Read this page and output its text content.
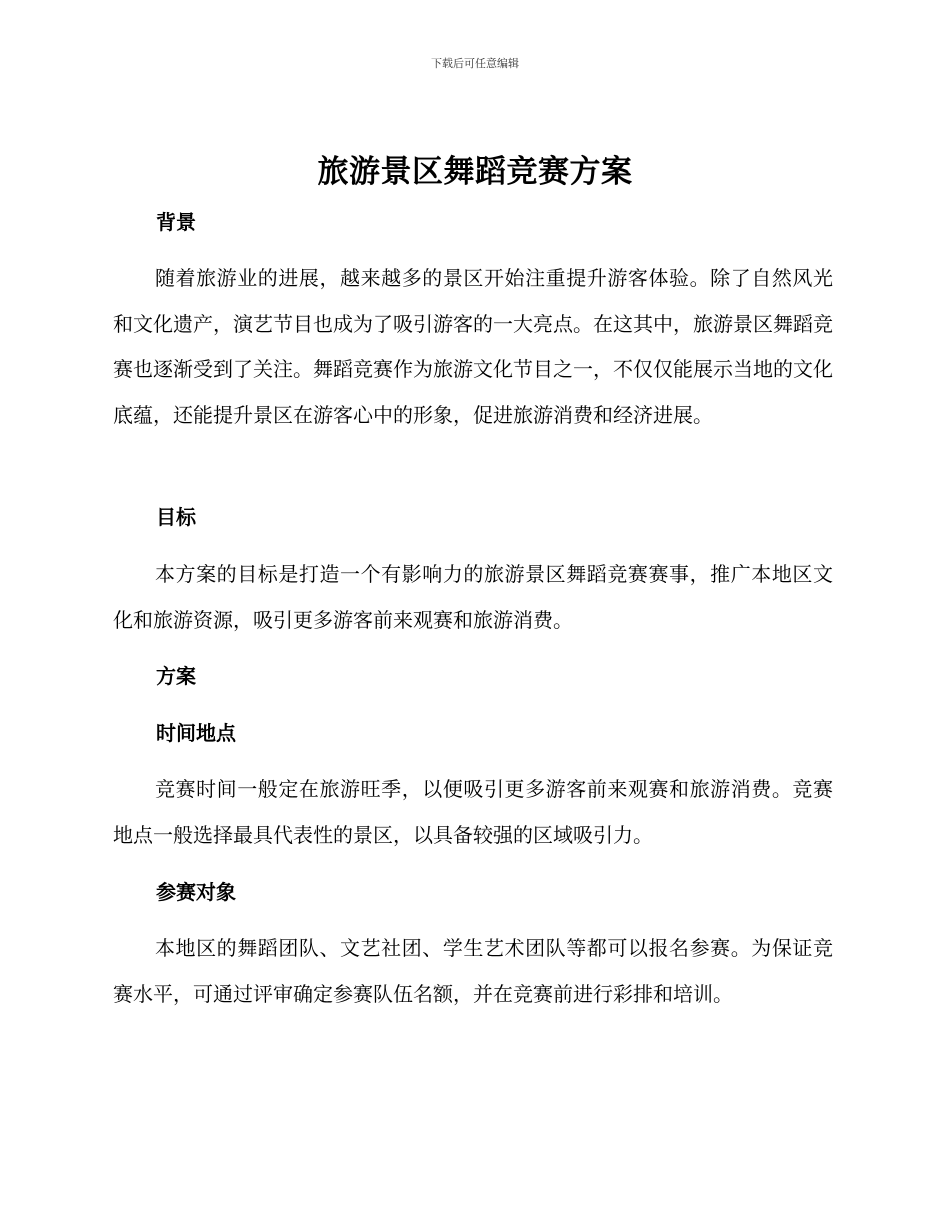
下载后可任意编辑
旅游景区舞蹈竞赛方案
背景

随着旅游业的进展，越来越多的景区开始注重提升游客体验。除了自然风光和文化遗产，演艺节目也成为了吸引游客的一大亮点。在这其中，旅游景区舞蹈竞赛也逐渐受到了关注。舞蹈竞赛作为旅游文化节目之一，不仅仅能展示当地的文化底蕴，还能提升景区在游客心中的形象，促进旅游消费和经济进展。

目标

本方案的目标是打造一个有影响力的旅游景区舞蹈竞赛赛事，推广本地区文化和旅游资源，吸引更多游客前来观赛和旅游消费。

方案
时间地点

竞赛时间一般定在旅游旺季，以便吸引更多游客前来观赛和旅游消费。竞赛地点一般选择最具代表性的景区，以具备较强的区域吸引力。

参赛对象

本地区的舞蹈团队、文艺社团、学生艺术团队等都可以报名参赛。为保证竞赛水平，可通过评审确定参赛队伍名额，并在竞赛前进行彩排和培训。
